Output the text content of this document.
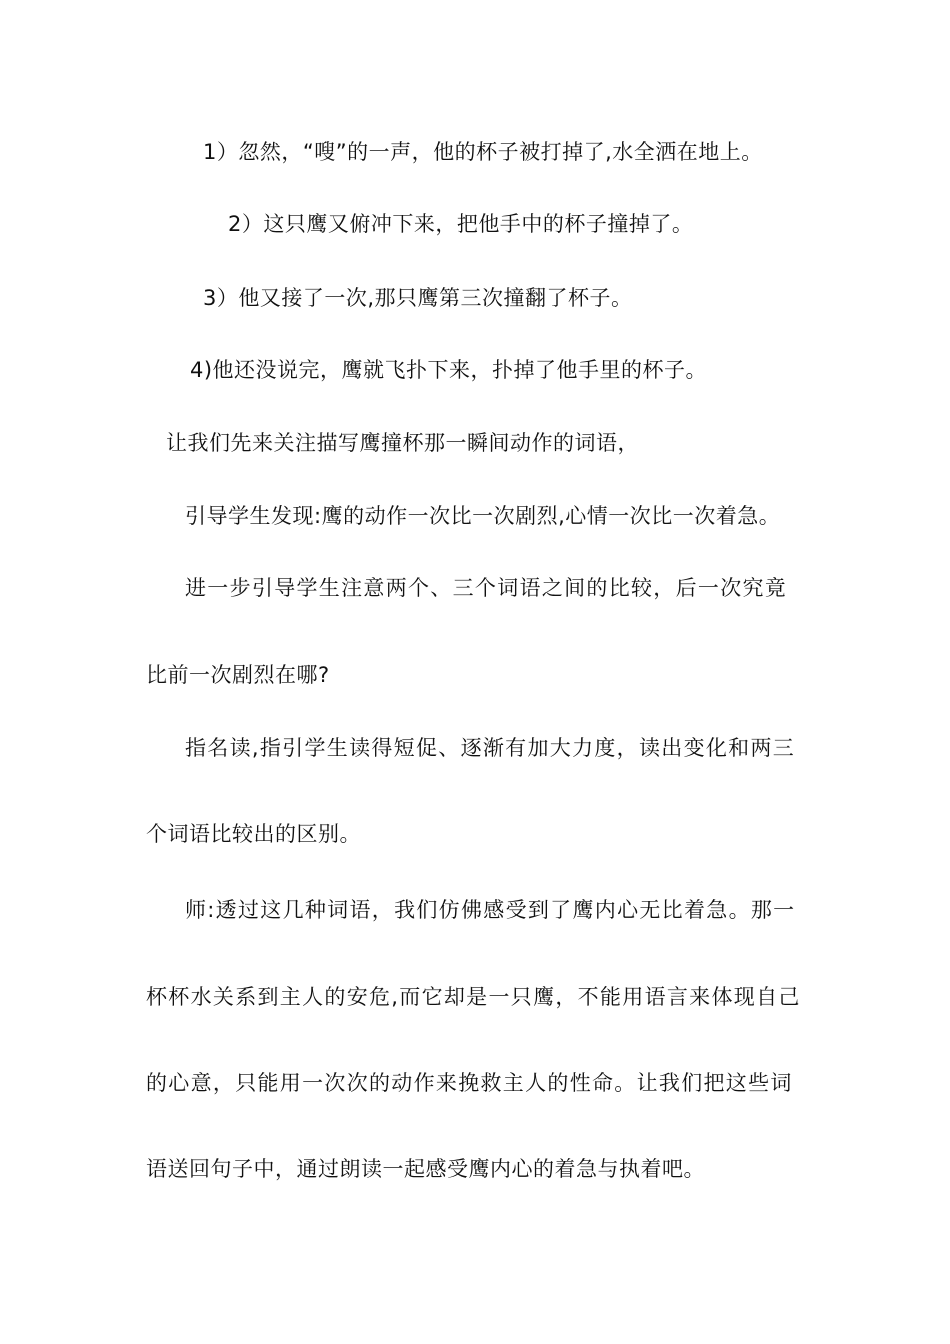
1）忽然，“嗖”的一声，他的杯子被打掉了,水全洒在地上。
2）这只鹰又俯冲下来，把他手中的杯子撞掉了。
3）他又接了一次,那只鹰第三次撞翻了杯子。
4)他还没说完，鹰就飞扑下来，扑掉了他手里的杯子。
让我们先来关注描写鹰撞杯那一瞬间动作的词语，
引导学生发现:鹰的动作一次比一次剧烈,心情一次比一次着急。
进一步引导学生注意两个、三个词语之间的比较，后一次究竟
比前一次剧烈在哪?
指名读,指引学生读得短促、逐渐有加大力度，读出变化和两三
个词语比较出的区别。
师:透过这几种词语，我们仿佛感受到了鹰内心无比着急。那一
杯杯水关系到主人的安危,而它却是一只鹰，不能用语言来体现自己
的心意，只能用一次次的动作来挽救主人的性命。让我们把这些词
语送回句子中，通过朗读一起感受鹰内心的着急与执着吧。
